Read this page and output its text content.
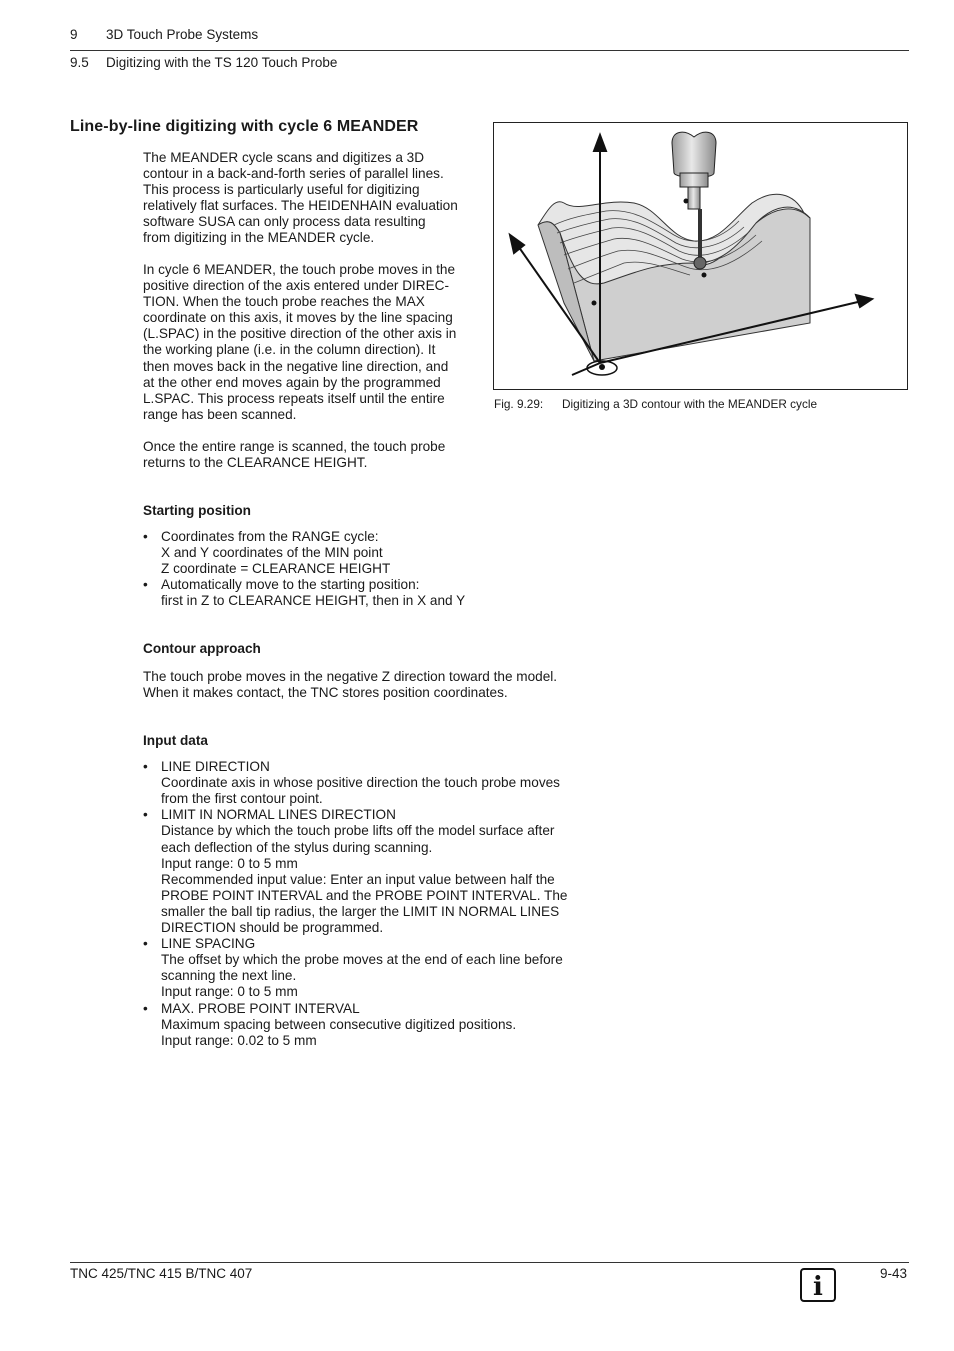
9 3D Touch Probe Systems
9.5 Digitizing with the TS 120 Touch Probe
Line-by-line digitizing with cycle 6 MEANDER
The MEANDER cycle scans and digitizes a 3D
contour in a back-and-forth series of parallel lines.
This process is particularly useful for digitizing
relatively flat surfaces. The HEIDENHAIN evaluation
software SUSA can only process data resulting
from digitizing in the MEANDER cycle.
In cycle 6 MEANDER, the touch probe moves in the
positive direction of the axis entered under DIREC-
TION. When the touch probe reaches the MAX
coordinate on this axis, it moves by the line spacing
(L.SPAC) in the positive direction of the other axis in
the working plane (i.e. in the column direction). It
then moves back in the negative line direction, and
at the other end moves again by the programmed
L.SPAC. This process repeats itself until the entire
range has been scanned.
Once the entire range is scanned, the touch probe
returns to the CLEARANCE HEIGHT.
Fig. 9.29: Digitizing a 3D contour with the MEANDER cycle

Starting position

• Coordinates from the RANGE cycle:
X and Y coordinates of the MIN point
Z coordinate = CLEARANCE HEIGHT
• Automatically move to the starting position:
first in Z to CLEARANCE HEIGHT, then in X and Y

Contour approach

The touch probe moves in the negative Z direction toward the model.
When it makes contact, the TNC stores position coordinates.

Input data

• LINE DIRECTION
Coordinate axis in whose positive direction the touch probe moves
from the first contour point.
• LIMIT IN NORMAL LINES DIRECTION
Distance by which the touch probe lifts off the model surface after
each deflection of the stylus during scanning.
Input range: 0 to 5 mm
Recommended input value: Enter an input value between half the
PROBE POINT INTERVAL and the PROBE POINT INTERVAL. The
smaller the ball tip radius, the larger the LIMIT IN NORMAL LINES
DIRECTION should be programmed.
• LINE SPACING
The offset by which the probe moves at the end of each line before
scanning the next line.
Input range: 0 to 5 mm
• MAX. PROBE POINT INTERVAL
Maximum spacing between consecutive digitized positions.
Input range: 0.02 to 5 mm
TNC 425/TNC 415 B/TNC 407	i	9-43
